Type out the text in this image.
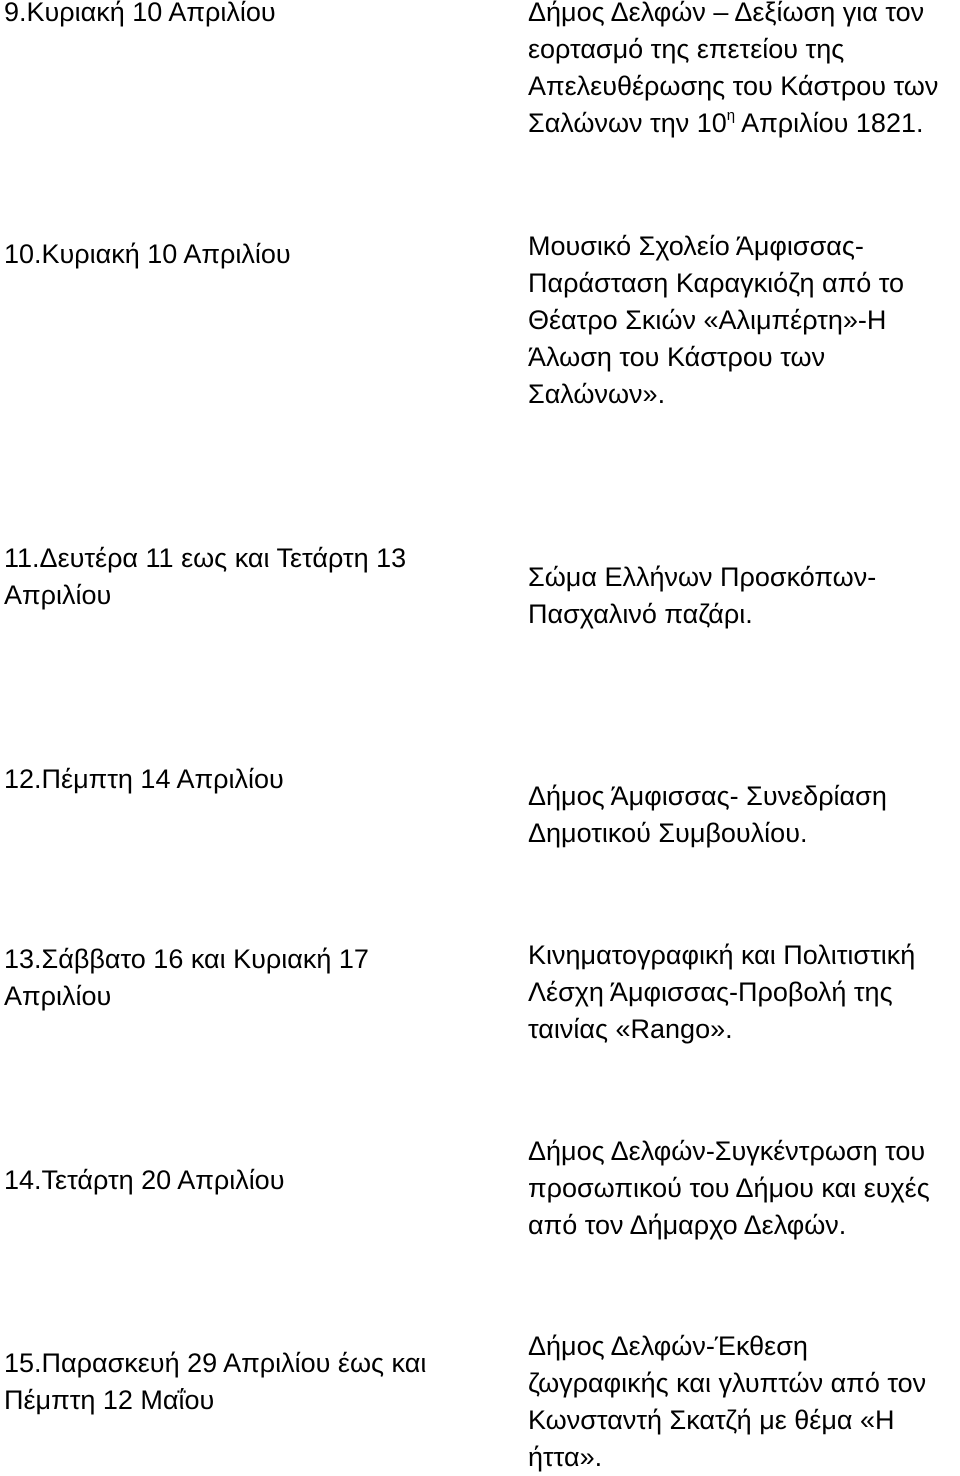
9.Κυριακή 10 Απριλίου	Δήμος Δελφών – Δεξίωση για τον
εορτασμό της επετείου της
Απελευθέρωσης του Κάστρου των
Σαλώνων την $10^\eta$ Απριλίου 1821.
10.Κυριακή 10 Απριλίου	Μουσικό Σχολείο Άμφισσας-
Παράσταση Καραγκιόζη από το
Θέατρο Σκιών «Αλιμπέρτη»-Η
Άλωση του Κάστρου των
Σαλώνων».
11.Δευτέρα 11 εως και Τετάρτη 13
Απριλίου
Σώμα Ελλήνων Προσκόπων-
Πασχαλινό παζάρι.
12.Πέμπτη 14 Απριλίου
Δήμος Άμφισσας- Συνεδρίαση
Δημοτικού Συμβουλίου.
13.Σάββατο 16 και Κυριακή 17
Απριλίου
Κινηματογραφική και Πολιτιστική
Λέσχη Άμφισσας-Προβολή της
ταινίας «Rango».
14.Τετάρτη 20 Απριλίου
Δήμος Δελφών-Συγκέντρωση του
προσωπικού του Δήμου και ευχές
από τον Δήμαρχο Δελφών.
15.Παρασκευή 29 Απριλίου έως και
Πέμπτη 12 Μαΐου
Δήμος Δελφών-Έκθεση
ζωγραφικής και γλυπτών από τον
Κωνσταντή Σκατζή με θέμα «Η
ήττα».
